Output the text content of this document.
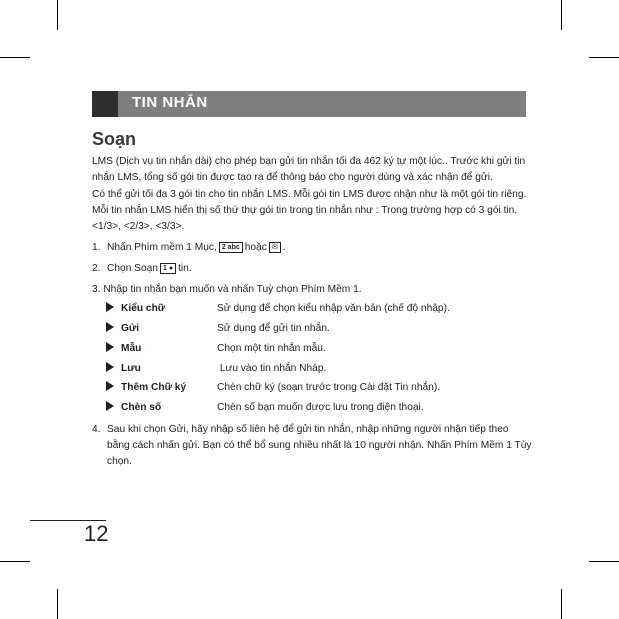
TIN NHẮN
Soạn
LMS (Dịch vụ tin nhắn dài) cho phép bạn gửi tin nhắn tối đa 462 ký tự một lúc.. Trước khi gửi tin
nhắn LMS, tổng số gói tin được tạo ra để thông báo cho người dùng và xác nhận để gửi.
Có thể gửi tối đa 3 gói tin cho tin nhắn LMS. Mỗi gói tin LMS được nhận như là một gói tin riêng.
Mỗi tin nhắn LMS hiển thị số thứ thự gói tin trong tin nhắn như : Trong trường hợp có 3 gói tin,
<1/3>, <2/3>, <3/3>.
1. Nhấn Phím mềm 1 Mục, 2 abc hoặc ✉ .
2. Chọn Soạn 1 ● tin.
3. Nhập tin nhắn bạn muốn và nhấn Tuỳ chọn Phím Mềm 1.
Kiểu chữ	Sử dụng để chọn kiểu nhập văn bản (chế độ nhập).
Gửi	Sử dụng để gửi tin nhắn.
Mẫu	Chọn một tin nhắn mẫu.
Lưu	Lưu vào tin nhắn Nháp.
Thêm Chữ ký	Chèn chữ ký (soạn trước trong Cài đặt Tin nhắn).
Chèn số	Chèn số bạn muốn được lưu trong điện thoại.
4. Sau khi chọn Gửi, hãy nhập số liên hệ để gửi tin nhắn, nhập những người nhận tiếp theo
bằng cách nhấn gửi. Bạn có thể bổ sung nhiều nhất là 10 người nhận. Nhấn Phím Mềm 1 Tùy
chọn.
12
